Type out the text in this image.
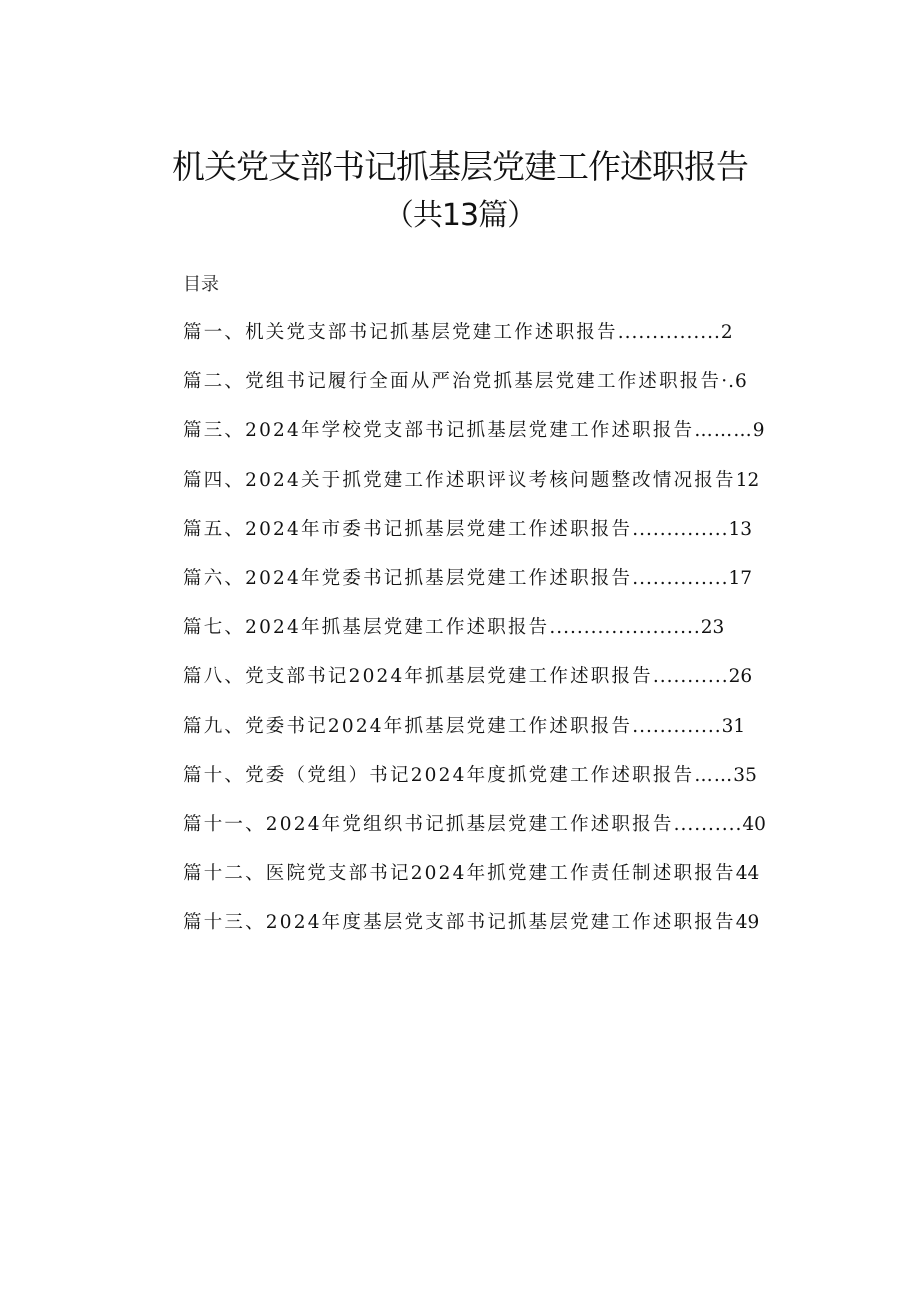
机关党支部书记抓基层党建工作述职报告
（共13篇）
目录
篇一、机关党支部书记抓基层党建工作述职报告 ............... 2
篇二、党组书记履行全面从严治党抓基层党建工作述职报告 ·. 6
篇三、2024年学校党支部书记抓基层党建工作述职报告 ……… 9
篇四、2024关于抓党建工作述职评议考核问题整改情况报告 12
篇五、2024年市委书记抓基层党建工作述职报告 .............. 13
篇六、2024年党委书记抓基层党建工作述职报告 .............. 17
篇七、2024年抓基层党建工作述职报告 ...................... 23
篇八、党支部书记2024年抓基层党建工作述职报告 ........... 26
篇九、党委书记2024年抓基层党建工作述职报告 ............. 31
篇十、党委（党组）书记2024年度抓党建工作述职报告 …… 35
篇十一、2024年党组织书记抓基层党建工作述职报告 .......... 40
篇十二、医院党支部书记2024年抓党建工作责任制述职报告 44
篇十三、2024年度基层党支部书记抓基层党建工作述职报告 49
